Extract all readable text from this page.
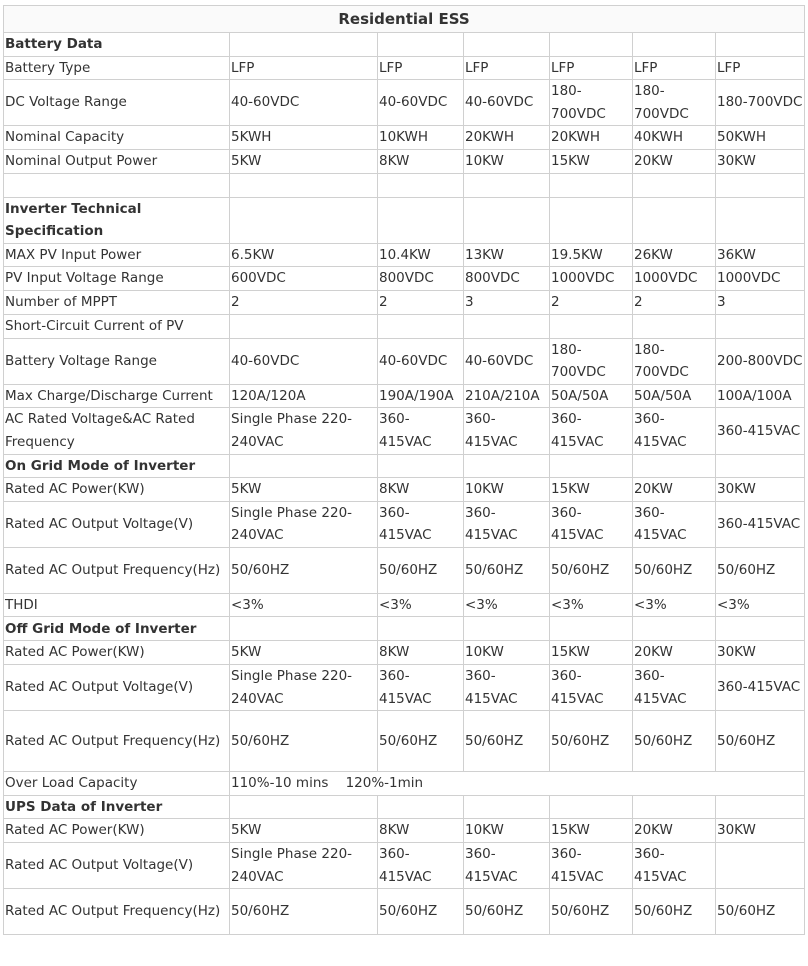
Residential ESS						
Battery Data						
Battery Type	LFP	LFP	LFP	LFP	LFP	LFP
DC Voltage Range	40-60VDC	40-60VDC	40-60VDC	180-700VDC	180-700VDC	180-700VDC
Nominal Capacity	5KWH	10KWH	20KWH	20KWH	40KWH	50KWH
Nominal Output Power	5KW	8KW	10KW	15KW	20KW	30KW

Inverter Technical Specification						
MAX PV Input Power	6.5KW	10.4KW	13KW	19.5KW	26KW	36KW
PV Input Voltage Range	600VDC	800VDC	800VDC	1000VDC	1000VDC	1000VDC
Number of MPPT	2	2	3	2	2	3
Short-Circuit Current of PV						
Battery Voltage Range	40-60VDC	40-60VDC	40-60VDC	180-700VDC	180-700VDC	200-800VDC
Max Charge/Discharge Current	120A/120A	190A/190A	210A/210A	50A/50A	50A/50A	100A/100A
AC Rated Voltage&AC Rated Frequency	Single Phase 220-240VAC	360-415VAC	360-415VAC	360-415VAC	360-415VAC	360-415VAC
On Grid Mode of Inverter						
Rated AC Power(KW)	5KW	8KW	10KW	15KW	20KW	30KW
Rated AC Output Voltage(V)	Single Phase 220-240VAC	360-415VAC	360-415VAC	360-415VAC	360-415VAC	360-415VAC
Rated AC Output Frequency(Hz)	50/60HZ	50/60HZ	50/60HZ	50/60HZ	50/60HZ	50/60HZ
THDI	<3%	<3%	<3%	<3%	<3%	<3%
Off Grid Mode of Inverter						
Rated AC Power(KW)	5KW	8KW	10KW	15KW	20KW	30KW
Rated AC Output Voltage(V)	Single Phase 220-240VAC	360-415VAC	360-415VAC	360-415VAC	360-415VAC	360-415VAC
Rated AC Output Frequency(Hz)	50/60HZ	50/60HZ	50/60HZ	50/60HZ	50/60HZ	50/60HZ
Over Load Capacity	110%-10 mins    120%-1min					
UPS Data of Inverter						
Rated AC Power(KW)	5KW	8KW	10KW	15KW	20KW	30KW
Rated AC Output Voltage(V)	Single Phase 220-240VAC	360-415VAC	360-415VAC	360-415VAC	360-415VAC	
Rated AC Output Frequency(Hz)	50/60HZ	50/60HZ	50/60HZ	50/60HZ	50/60HZ	50/60HZ
